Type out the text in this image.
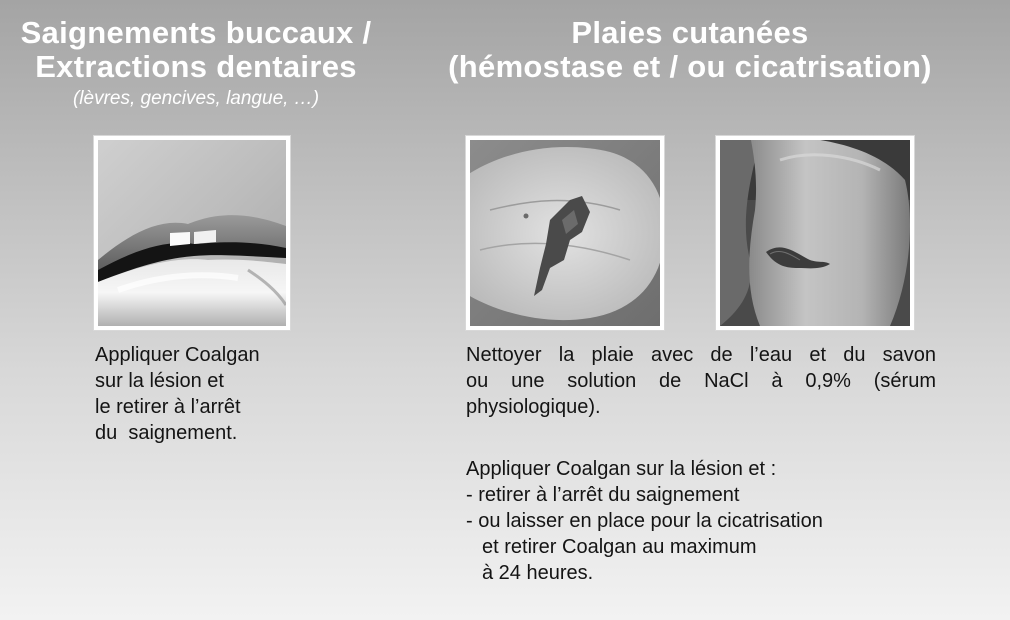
Saignements buccaux /
Extractions dentaires
(lèvres, gencives, langue, …)
Appliquer Coalgan
sur la lésion et
le retirer à l’arrêt
du  saignement.
Plaies cutanées
(hémostase et / ou cicatrisation)
Nettoyer la plaie avec de l’eau et du savon
ou une solution de NaCl à 0,9% (sérum
physiologique).
Appliquer Coalgan sur la lésion et :
- retirer à l’arrêt du saignement
- ou laisser en place pour la cicatrisation
et retirer Coalgan au maximum
à 24 heures.
